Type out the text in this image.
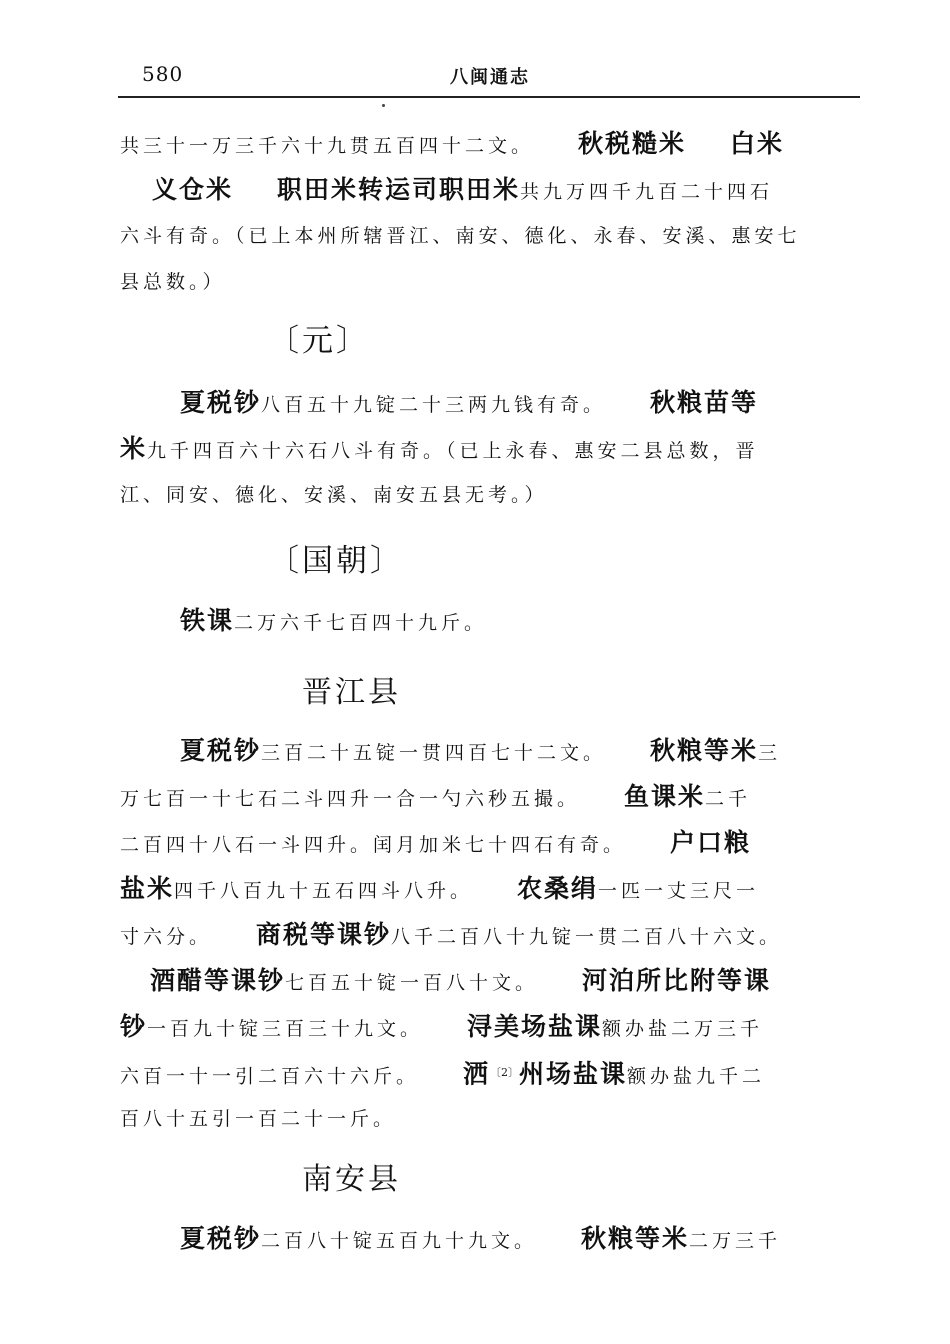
580	八闽通志
共三十一万三千六十九贯五百四十二文。 秋税糙米 白米
义仓米 职田米转运司职田米共九万四千九百二十四石
六斗有奇。（已上本州所辖晋江、南安、德化、永春、安溪、惠安七
县总数。）
〔元〕
夏税钞八百五十九锭二十三两九钱有奇。 秋粮苗等
米九千四百六十六石八斗有奇。（已上永春、惠安二县总数，晋
江、同安、德化、安溪、南安五县无考。）
〔国朝〕
铁课二万六千七百四十九斤。
晋江县
夏税钞三百二十五锭一贯四百七十二文。 秋粮等米三
万七百一十七石二斗四升一合一勺六秒五撮。 鱼课米二千
二百四十八石一斗四升。闰月加米七十四石有奇。 户口粮
盐米四千八百九十五石四斗八升。 农桑绢一匹一丈三尺一
寸六分。 商税等课钞八千二百八十九锭一贯二百八十六文。
酒醋等课钞七百五十锭一百八十文。 河泊所比附等课
钞一百九十锭三百三十九文。 浔美场盐课额办盐二万三千
六百一十一引二百六十六斤。 洒$^{〔2〕}$州场盐课额办盐九千二
百八十五引一百二十一斤。
南安县
夏税钞二百八十锭五百九十九文。 秋粮等米二万三千
